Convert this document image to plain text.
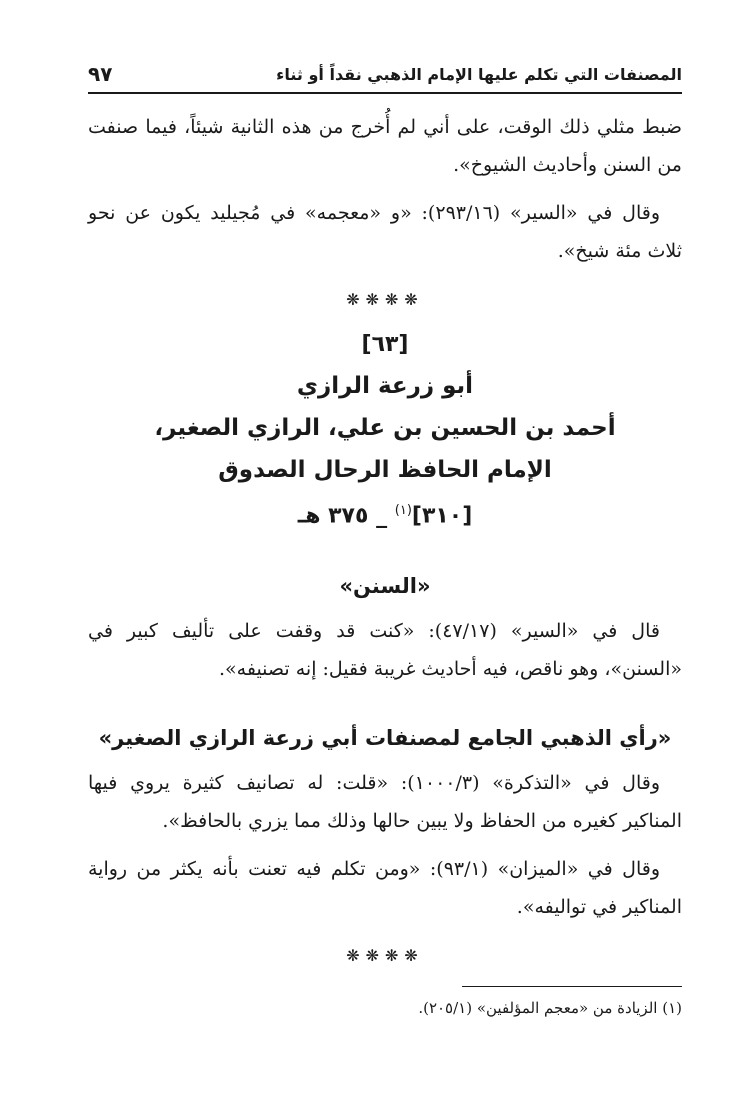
المصنفات التي تكلم عليها الإمام الذهبي نقداً أو ثناء
٩٧

ضبط مثلي ذلك الوقت، على أني لم أُخرج من هذه الثانية شيئاً، فيما صنفت من السنن وأحاديث الشيوخ».

وقال في «السير» (٢٩٣/١٦): «و «معجمه» في مُجيليد يكون عن نحو ثلاث مئة شيخ».

❋❋❋❋
[٦٣]
أبو زرعة الرازي
أحمد بن الحسين بن علي، الرازي الصغير،
الإمام الحافظ الرحال الصدوق
[٣١٠]$^{(١)}$ _ ٣٧٥ هـ
«السنن»

قال في «السير» (٤٧/١٧): «كنت قد وقفت على تأليف كبير في «السنن»، وهو ناقص، فيه أحاديث غريبة فقيل: إنه تصنيفه».

«رأي الذهبي الجامع لمصنفات أبي زرعة الرازي الصغير»

وقال في «التذكرة» (١٠٠٠/٣): «قلت: له تصانيف كثيرة يروي فيها المناكير كغيره من الحفاظ ولا يبين حالها وذلك مما يزري بالحافظ».

وقال في «الميزان» (٩٣/١): «ومن تكلم فيه تعنت بأنه يكثر من رواية المناكير في تواليفه».

❋❋❋❋
(١) الزيادة من «معجم المؤلفين» (٢٠٥/١).
